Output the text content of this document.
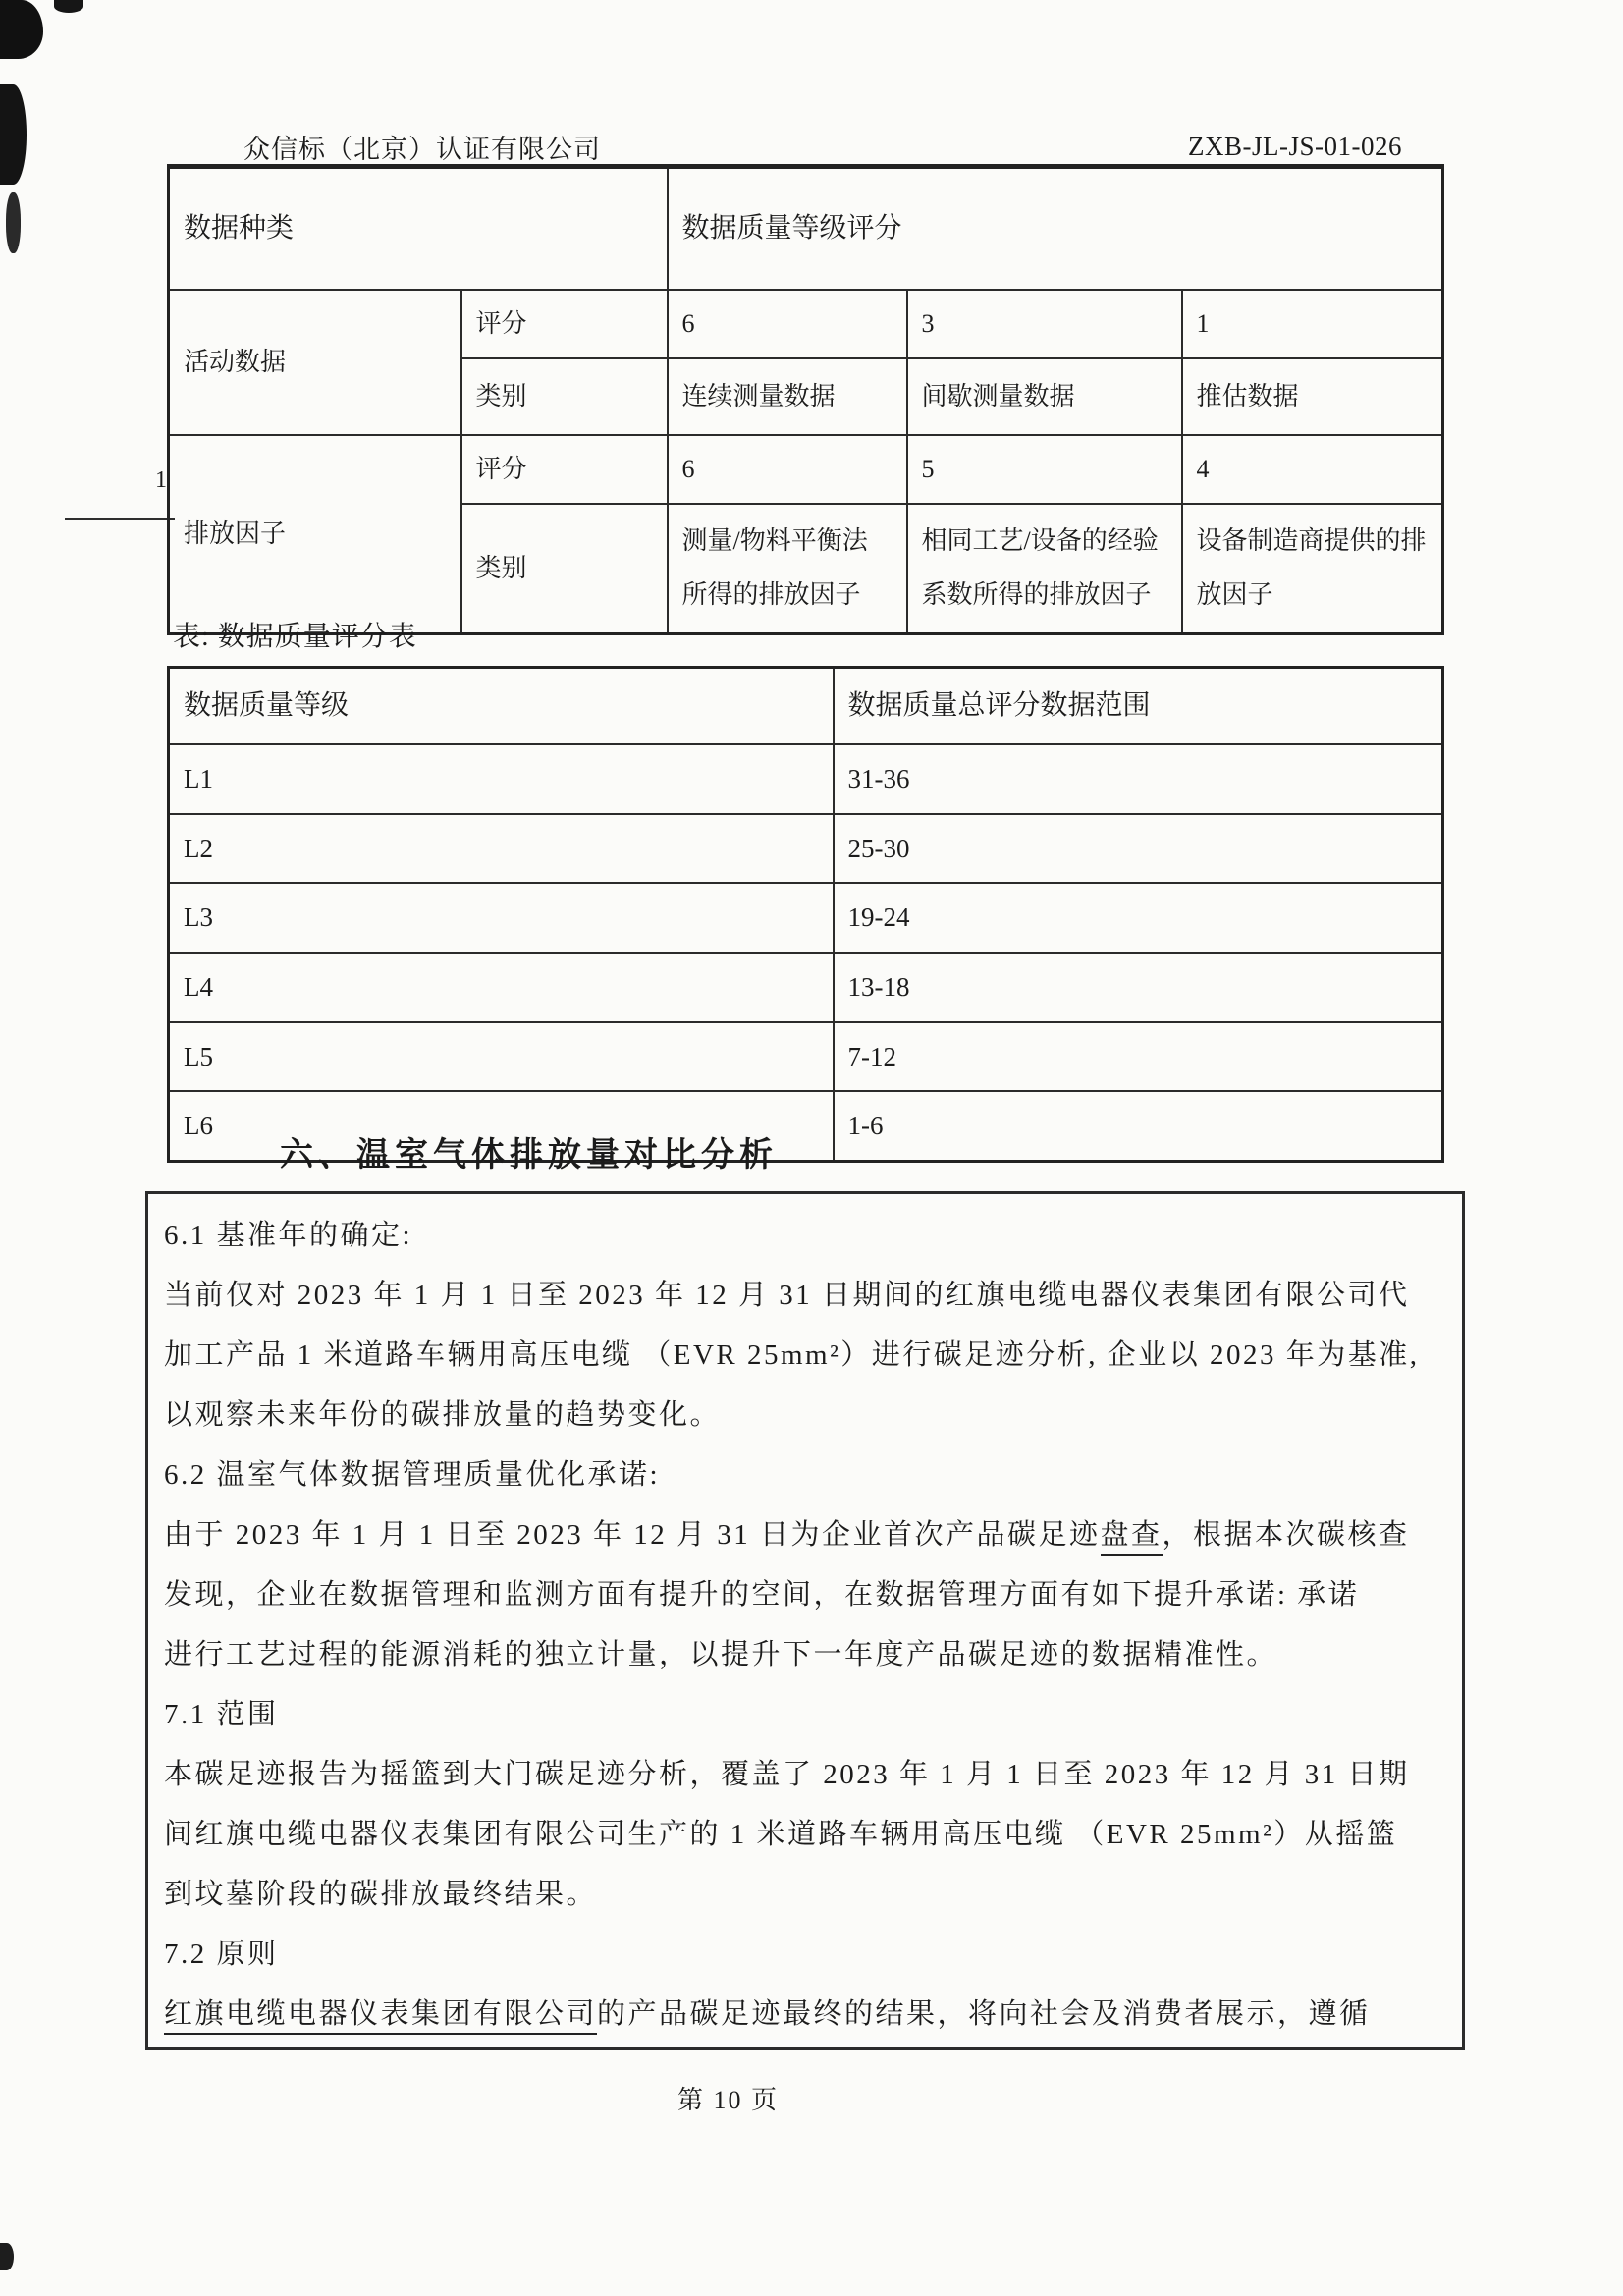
众信标（北京）认证有限公司	ZXB-JL-JS-01-026
1
数据种类		数据质量等级评分		
活动数据	评分	6	3	1
	类别	连续测量数据	间歇测量数据	推估数据
排放因子	评分	6	5	4
	类别	测量/物料平衡法所得的排放因子	相同工艺/设备的经验系数所得的排放因子	设备制造商提供的排放因子
表: 数据质量评分表
数据质量等级	数据质量总评分数据范围
L1	31-36
L2	25-30
L3	19-24
L4	13-18
L5	7-12
L6	1-6
六、温室气体排放量对比分析
6.1 基准年的确定:
当前仅对 2023 年 1 月 1 日至 2023 年 12 月 31 日期间的红旗电缆电器仪表集团有限公司代
加工产品 1 米道路车辆用高压电缆 （EVR 25mm²）进行碳足迹分析, 企业以 2023 年为基准,
以观察未来年份的碳排放量的趋势变化。
6.2 温室气体数据管理质量优化承诺:
由于 2023 年 1 月 1 日至 2023 年 12 月 31 日为企业首次产品碳足迹盘查，根据本次碳核查
发现，企业在数据管理和监测方面有提升的空间，在数据管理方面有如下提升承诺: 承诺
进行工艺过程的能源消耗的独立计量，以提升下一年度产品碳足迹的数据精准性。
7.1 范围
本碳足迹报告为摇篮到大门碳足迹分析，覆盖了 2023 年 1 月 1 日至 2023 年 12 月 31 日期
间红旗电缆电器仪表集团有限公司生产的 1 米道路车辆用高压电缆 （EVR 25mm²）从摇篮
到坟墓阶段的碳排放最终结果。
7.2 原则
红旗电缆电器仪表集团有限公司的产品碳足迹最终的结果，将向社会及消费者展示，遵循
第 10 页
